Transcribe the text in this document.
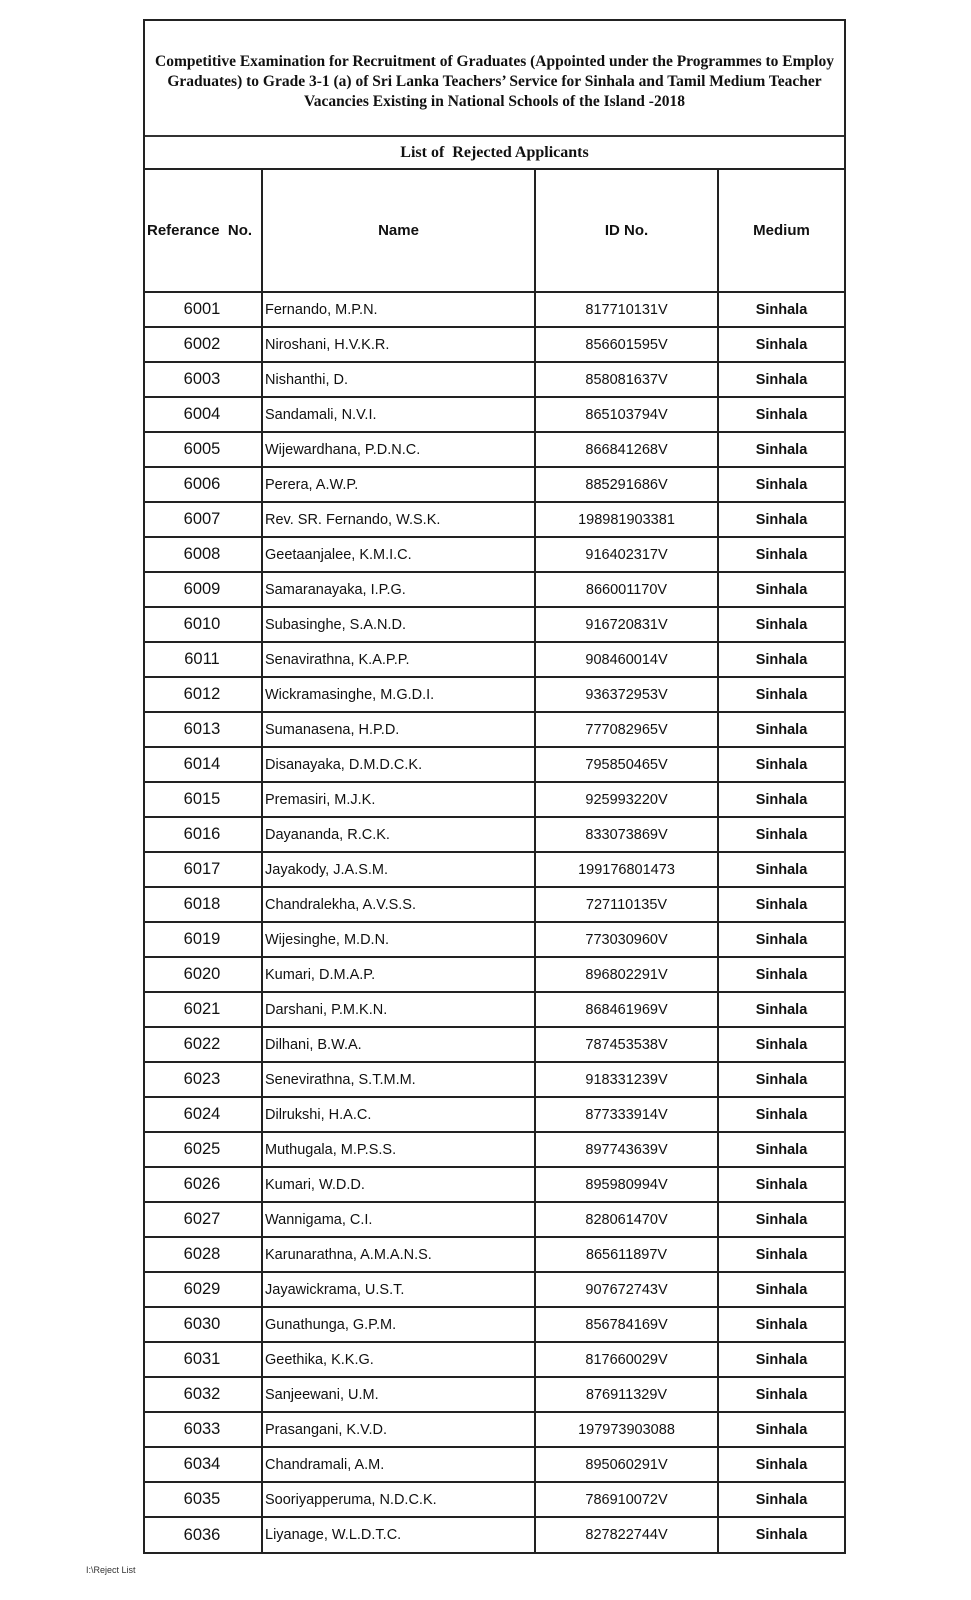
Competitive Examination for Recruitment of Graduates (Appointed under the Programmes to Employ Graduates) to Grade 3-1 (a) of Sri Lanka Teachers’ Service for Sinhala and Tamil Medium Teacher Vacancies Existing in National Schools of the Island -2018
List of  Rejected Applicants
Referance  No.	Name	ID No.	Medium
6001	Fernando, M.P.N.	817710131V	Sinhala
6002	Niroshani, H.V.K.R.	856601595V	Sinhala
6003	Nishanthi, D.	858081637V	Sinhala
6004	Sandamali, N.V.I.	865103794V	Sinhala
6005	Wijewardhana, P.D.N.C.	866841268V	Sinhala
6006	Perera, A.W.P.	885291686V	Sinhala
6007	Rev. SR. Fernando, W.S.K.	198981903381	Sinhala
6008	Geetaanjalee, K.M.I.C.	916402317V	Sinhala
6009	Samaranayaka, I.P.G.	866001170V	Sinhala
6010	Subasinghe, S.A.N.D.	916720831V	Sinhala
6011	Senavirathna, K.A.P.P.	908460014V	Sinhala
6012	Wickramasinghe, M.G.D.I.	936372953V	Sinhala
6013	Sumanasena, H.P.D.	777082965V	Sinhala
6014	Disanayaka, D.M.D.C.K.	795850465V	Sinhala
6015	Premasiri, M.J.K.	925993220V	Sinhala
6016	Dayananda, R.C.K.	833073869V	Sinhala
6017	Jayakody, J.A.S.M.	199176801473	Sinhala
6018	Chandralekha, A.V.S.S.	727110135V	Sinhala
6019	Wijesinghe, M.D.N.	773030960V	Sinhala
6020	Kumari, D.M.A.P.	896802291V	Sinhala
6021	Darshani, P.M.K.N.	868461969V	Sinhala
6022	Dilhani, B.W.A.	787453538V	Sinhala
6023	Senevirathna, S.T.M.M.	918331239V	Sinhala
6024	Dilrukshi, H.A.C.	877333914V	Sinhala
6025	Muthugala, M.P.S.S.	897743639V	Sinhala
6026	Kumari, W.D.D.	895980994V	Sinhala
6027	Wannigama, C.I.	828061470V	Sinhala
6028	Karunarathna, A.M.A.N.S.	865611897V	Sinhala
6029	Jayawickrama, U.S.T.	907672743V	Sinhala
6030	Gunathunga, G.P.M.	856784169V	Sinhala
6031	Geethika, K.K.G.	817660029V	Sinhala
6032	Sanjeewani, U.M.	876911329V	Sinhala
6033	Prasangani, K.V.D.	197973903088	Sinhala
6034	Chandramali, A.M.	895060291V	Sinhala
6035	Sooriyapperuma, N.D.C.K.	786910072V	Sinhala
6036	Liyanage, W.L.D.T.C.	827822744V	Sinhala
I:\Reject List
